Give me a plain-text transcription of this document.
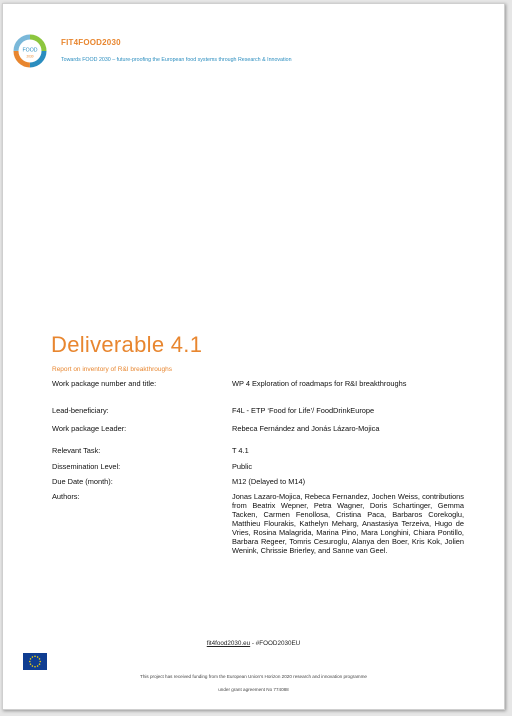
FOOD
2030
FIT4FOOD2030
Towards FOOD 2030 – future-proofing the European food systems through Research & Innovation
Deliverable 4.1
Report on inventory of R&I breakthroughs
Work package number and title:	WP 4 Exploration of roadmaps for R&I breakthroughs
Lead-beneficiary:	F4L - ETP ‘Food for Life’/ FoodDrinkEurope
Work package Leader:	Rebeca Fernández and Jonás Lázaro-Mojica
Relevant Task:	T 4.1
Dissemination Level:	Public
Due Date (month):	M12 (Delayed to M14)
Authors:	Jonas Lazaro-Mojica, Rebeca Fernandez, Jochen Weiss, contributions from Beatrix Wepner, Petra Wagner, Doris Schartinger, Gemma Tacken, Carmen Fenollosa, Cristina Paca, Barbaros Corekoglu, Matthieu Flourakis, Kathelyn Meharg, Anastasiya Terzeiva, Hugo de Vries, Rosina Malagrida, Marina Pino, Mara Longhini, Chiara Pontillo, Barbara Regeer, Tomris Cesuroglu, Alanya den Boer, Kris Kok, Jolien Wenink, Chrissie Brierley, and Sanne van Geel.
fit4food2030.eu - #FOOD2030EU
This project has received funding from the European Union’s Horizon 2020 research and innovation programme
under grant agreement No 774088
